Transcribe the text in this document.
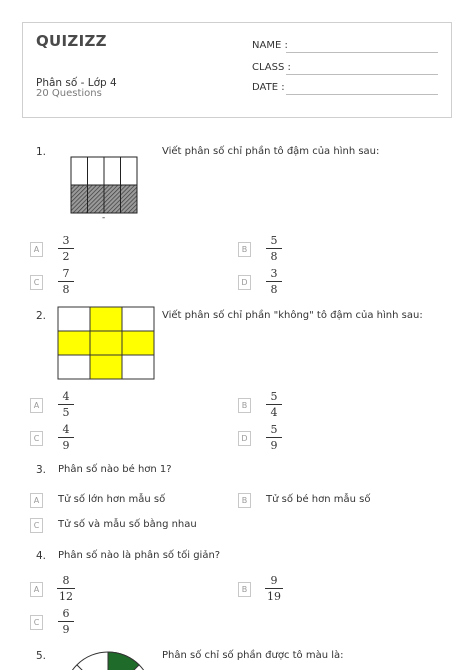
QUIZIZZ
Phân số - Lớp 4
20 Questions
NAME :
CLASS :
DATE :
1.
-
Viết phân số chỉ phần tô đậm của hình sau:
A
3
2
B
5
8
C
7
8
D
3
8
2.	Viết phân số chỉ phần "không" tô đậm của hình sau:
A
4
5
B
5
4
C
4
9
D
5
9
3. Phân số nào bé hơn 1?
A	Tử số lớn hơn mẫu số	B	Tử số bé hơn mẫu số
C	Tử số và mẫu số bằng nhau
4. Phân số nào là phân số tối giản?
A
8
12
B
9
19
C
6
9
5.	Phân số chỉ số phần được tô màu là:
